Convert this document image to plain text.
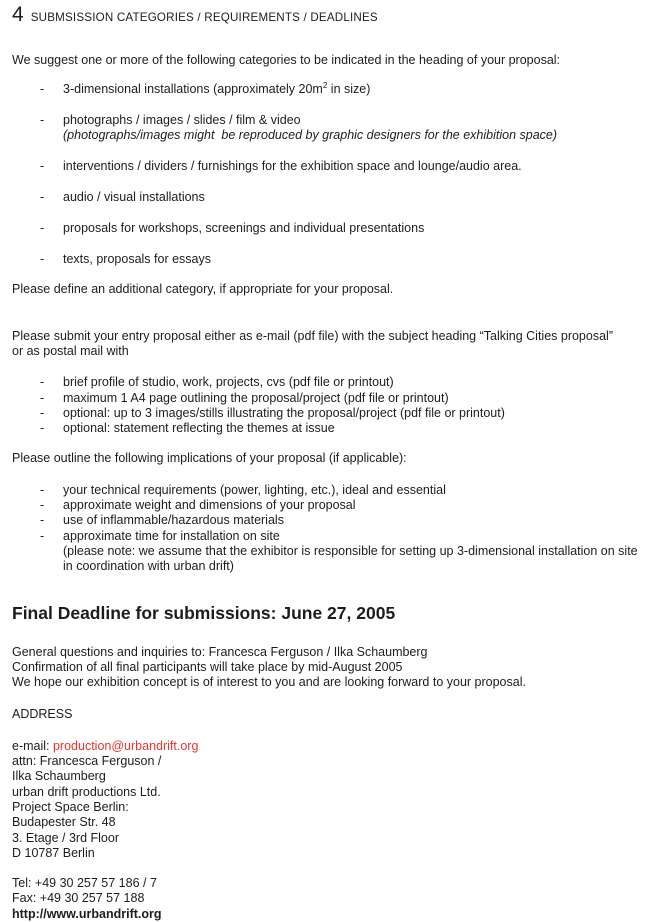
4 SUBMSISSION CATEGORIES / REQUIREMENTS / DEADLINES
We suggest one or more of the following categories to be indicated in the heading of your proposal:
-	3-dimensional installations (approximately $20m^2$ in size)
-	photographs / images / slides / film & video
(photographs/images might  be reproduced by graphic designers for the exhibition space)
-	interventions / dividers / furnishings for the exhibition space and lounge/audio area.
-	audio / visual installations
-	proposals for workshops, screenings and individual presentations
-	texts, proposals for essays
Please define an additional category, if appropriate for your proposal.
Please submit your entry proposal either as e-mail (pdf file) with the subject heading “Talking Cities proposal”
or as postal mail with
-	brief profile of studio, work, projects, cvs (pdf file or printout)
-	maximum 1 A4 page outlining the proposal/project (pdf file or printout)
-	optional: up to 3 images/stills illustrating the proposal/project (pdf file or printout)
-	optional: statement reflecting the themes at issue
Please outline the following implications of your proposal (if applicable):
-	your technical requirements (power, lighting, etc.), ideal and essential
-	approximate weight and dimensions of your proposal
-	use of inflammable/hazardous materials
-	approximate time for installation on site
(please note: we assume that the exhibitor is responsible for setting up 3-dimensional installation on site
in coordination with urban drift)
Final Deadline for submissions: June 27, 2005
General questions and inquiries to: Francesca Ferguson / Ilka Schaumberg
Confirmation of all final participants will take place by mid-August 2005
We hope our exhibition concept is of interest to you and are looking forward to your proposal.
ADDRESS
e-mail: production@urbandrift.org
attn: Francesca Ferguson /
Ilka Schaumberg
urban drift productions Ltd.
Project Space Berlin:
Budapester Str. 48
3. Etage / 3rd Floor
D 10787 Berlin
Tel: +49 30 257 57 186 / 7
Fax: +49 30 257 57 188
http://www.urbandrift.org
